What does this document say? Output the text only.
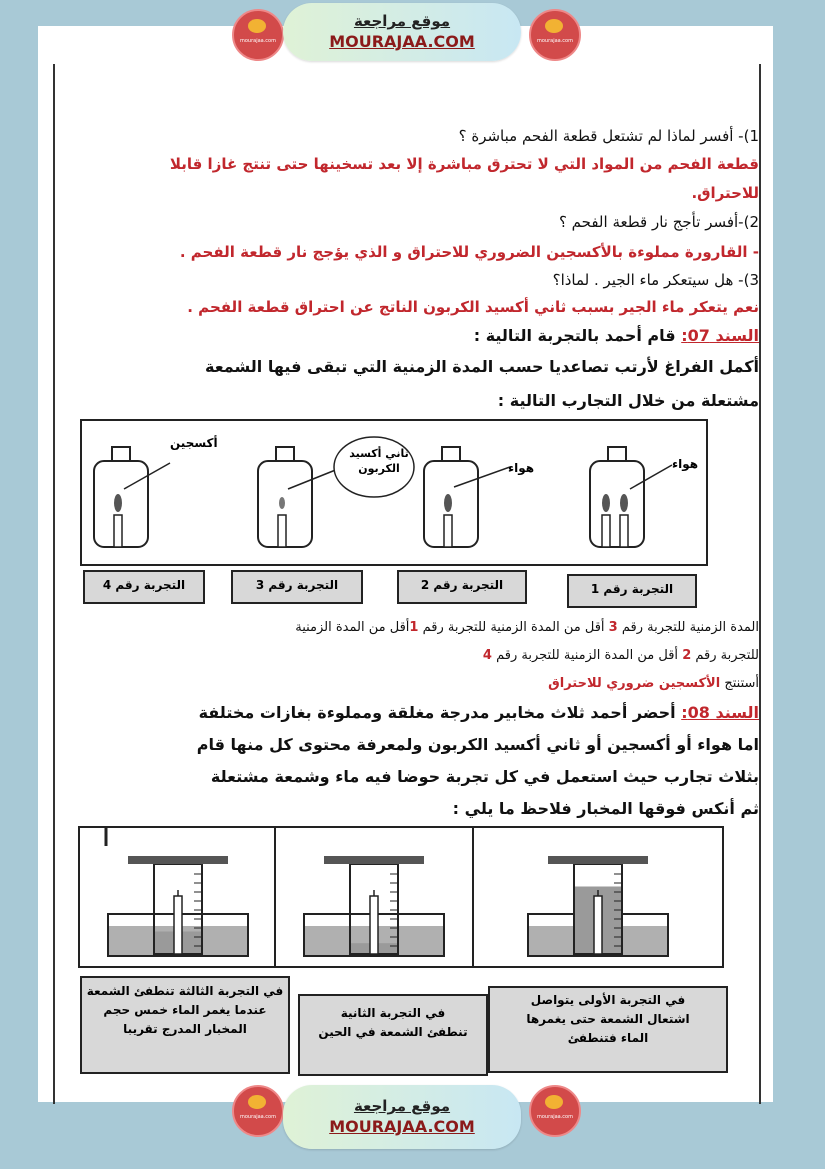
mourajaa.com
موقع مراجعة
MOURAJAA.COM	mourajaa.com
1)- أفسر لماذا لم تشتعل قطعة الفحم مباشرة ؟
قطعة الفحم من المواد التي لا تحترق مباشرة إلا بعد تسخينها حتى تنتج غازا قابلا
للاحتراق.
2)-أفسر تأجج نار قطعة الفحم ؟
- القارورة مملوءة بالأكسجين الضروري للاحتراق و الذي يؤجج نار قطعة الفحم .
3)- هل سيتعكر ماء الجير . لماذا؟
نعم يتعكر ماء الجير بسبب ثاني أكسيد الكربون الناتج عن احتراق قطعة الفحم .
السند 07: قام أحمد بالتجربة التالية :
أكمل الفراغ لأرتب تصاعديا حسب المدة الزمنية التي تبقى فيها الشمعة
مشتعلة من خلال التجارب التالية :
أكسجين
ثاني أكسيد الكربون	هواء	هواء
التجربة رقم 4	التجربة رقم 3	التجربة رقم 2	التجربة رقم 1
المدة الزمنية للتجربة رقم 3 أقل من المدة الزمنية للتجربة رقم 1أقل من المدة الزمنية
للتجربة رقم 2 أقل من المدة الزمنية للتجربة رقم 4
أستنتج الأكسجين ضروري للاحتراق
السند 08: أحضر أحمد ثلاث مخابير مدرجة مغلقة ومملوءة بغازات مختلفة
اما هواء أو أكسجين أو ثاني أكسيد الكربون ولمعرفة محتوى كل منها قام
بثلاث تجارب حيث استعمل في كل تجربة حوضا فيه ماء وشمعة مشتعلة
ثم أنكس فوقها المخبار فلاحظ ما يلي :
في التجربة الأولى يتواصل
اشتعال الشمعة حتى يغمرها
الماء فتنطفئ
في التجربة الثانية
تنطفئ الشمعة في الحين
في التجربة الثالثة تنطفئ الشمعة
عندما يغمر الماء خمس حجم
المخبار المدرج تقريبا
mourajaa.com
موقع مراجعة
MOURAJAA.COM	mourajaa.com
